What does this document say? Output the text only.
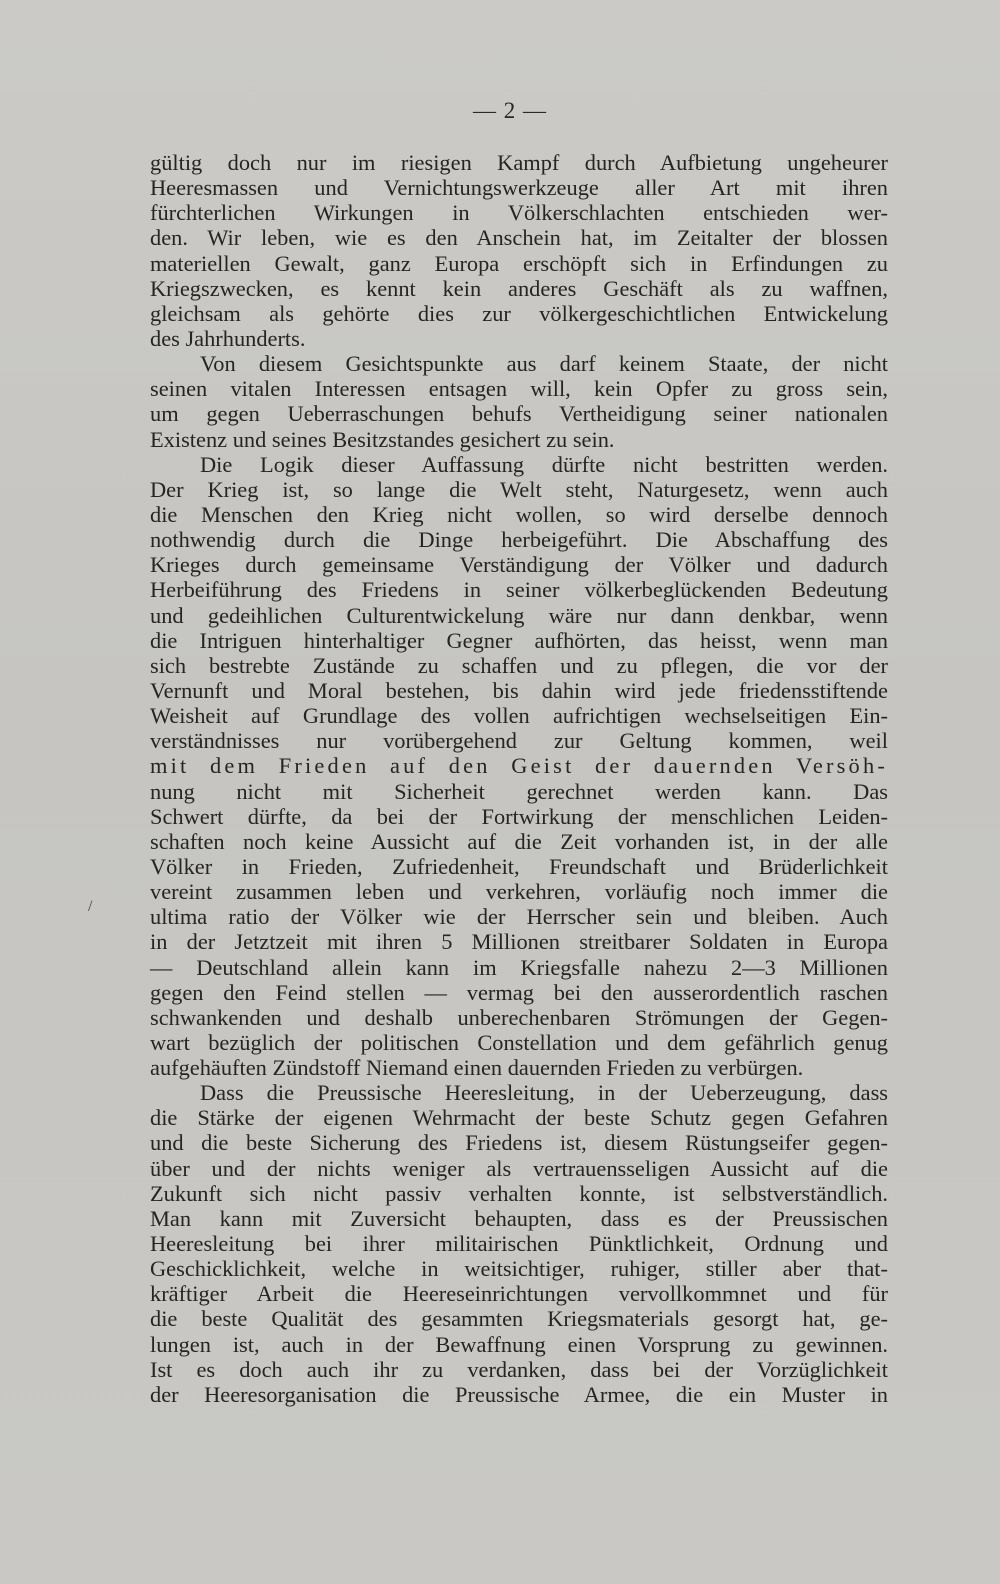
— 2 —
gültig doch nur im riesigen Kampf durch Aufbietung ungeheurer
Heeresmassen und Vernichtungswerkzeuge aller Art mit ihren
fürchterlichen Wirkungen in Völkerschlachten entschieden wer-
den. Wir leben, wie es den Anschein hat, im Zeitalter der blossen
materiellen Gewalt, ganz Europa erschöpft sich in Erfindungen zu
Kriegszwecken, es kennt kein anderes Geschäft als zu waffnen,
gleichsam als gehörte dies zur völkergeschichtlichen Entwickelung
des Jahrhunderts.
Von diesem Gesichtspunkte aus darf keinem Staate, der nicht
seinen vitalen Interessen entsagen will, kein Opfer zu gross sein,
um gegen Ueberraschungen behufs Vertheidigung seiner nationalen
Existenz und seines Besitzstandes gesichert zu sein.
Die Logik dieser Auffassung dürfte nicht bestritten werden.
Der Krieg ist, so lange die Welt steht, Naturgesetz, wenn auch
die Menschen den Krieg nicht wollen, so wird derselbe dennoch
nothwendig durch die Dinge herbeigeführt. Die Abschaffung des
Krieges durch gemeinsame Verständigung der Völker und dadurch
Herbeiführung des Friedens in seiner völkerbeglückenden Bedeutung
und gedeihlichen Culturentwickelung wäre nur dann denkbar, wenn
die Intriguen hinterhaltiger Gegner aufhörten, das heisst, wenn man
sich bestrebte Zustände zu schaffen und zu pflegen, die vor der
Vernunft und Moral bestehen, bis dahin wird jede friedensstiftende
Weisheit auf Grundlage des vollen aufrichtigen wechselseitigen Ein-
verständnisses nur vorübergehend zur Geltung kommen, weil
mit dem Frieden auf den Geist der dauernden Versöh-
nung nicht mit Sicherheit gerechnet werden kann. Das
Schwert dürfte, da bei der Fortwirkung der menschlichen Leiden-
schaften noch keine Aussicht auf die Zeit vorhanden ist, in der alle
Völker in Frieden, Zufriedenheit, Freundschaft und Brüderlichkeit
vereint zusammen leben und verkehren, vorläufig noch immer die
ultima ratio der Völker wie der Herrscher sein und bleiben. Auch
in der Jetztzeit mit ihren 5 Millionen streitbarer Soldaten in Europa
— Deutschland allein kann im Kriegsfalle nahezu 2—3 Millionen
gegen den Feind stellen — vermag bei den ausserordentlich raschen
schwankenden und deshalb unberechenbaren Strömungen der Gegen-
wart bezüglich der politischen Constellation und dem gefährlich genug
aufgehäuften Zündstoff Niemand einen dauernden Frieden zu verbürgen.
Dass die Preussische Heeresleitung, in der Ueberzeugung, dass
die Stärke der eigenen Wehrmacht der beste Schutz gegen Gefahren
und die beste Sicherung des Friedens ist, diesem Rüstungseifer gegen-
über und der nichts weniger als vertrauensseligen Aussicht auf die
Zukunft sich nicht passiv verhalten konnte, ist selbstverständlich.
Man kann mit Zuversicht behaupten, dass es der Preussischen
Heeresleitung bei ihrer militairischen Pünktlichkeit, Ordnung und
Geschicklichkeit, welche in weitsichtiger, ruhiger, stiller aber that-
kräftiger Arbeit die Heereseinrichtungen vervollkommnet und für
die beste Qualität des gesammten Kriegsmaterials gesorgt hat, ge-
lungen ist, auch in der Bewaffnung einen Vorsprung zu gewinnen.
Ist es doch auch ihr zu verdanken, dass bei der Vorzüglichkeit
der Heeresorganisation die Preussische Armee, die ein Muster in
/
